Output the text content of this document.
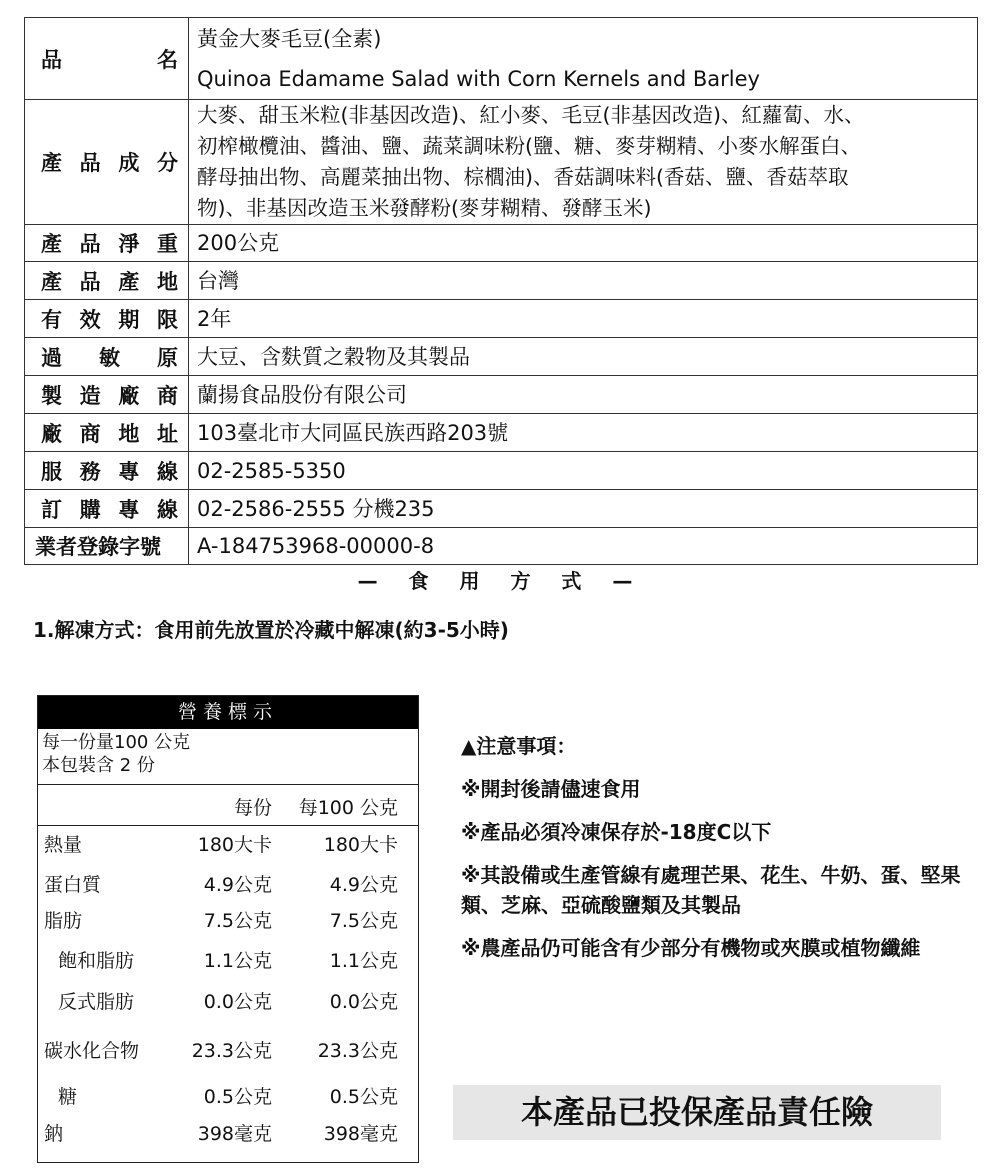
品 名	黃金大麥毛豆(全素)
Quinoa Edamame Salad with Corn Kernels and Barley

產 品 成 分	大麥、甜玉米粒(非基因改造)、紅小麥、毛豆(非基因改造)、紅蘿蔔、水、
初榨橄欖油、醬油、鹽、蔬菜調味粉(鹽、糖、麥芽糊精、小麥水解蛋白、
酵母抽出物、高麗菜抽出物、棕櫚油)、香菇調味料(香菇、鹽、香菇萃取
物)、非基因改造玉米發酵粉(麥芽糊精、發酵玉米)

產 品 淨 重	200公克

產 品 產 地	台灣

有 效 期 限	2年

過 敏 原	大豆、含麩質之穀物及其製品

製 造 廠 商	蘭揚食品股份有限公司

廠 商 地 址	103臺北市大同區民族西路203號

服 務 專 線	02-2585-5350

訂 購 專 線	02-2586-2555 分機235

業者登錄字號	A-184753968-00000-8
— 食 用 方 式 —
1.解凍方式：食用前先放置於冷藏中解凍(約3-5小時)
營養標示
每一份量100 公克
本包裝含 2 份
每份	每100 公克
熱量	180大卡	180大卡
蛋白質	4.9公克	4.9公克
脂肪	7.5公克	7.5公克
飽和脂肪	1.1公克	1.1公克
反式脂肪	0.0公克	0.0公克
碳水化合物	23.3公克	23.3公克
糖	0.5公克	0.5公克
鈉	398毫克	398毫克
▲注意事項：
※開封後請儘速食用
※產品必須冷凍保存於-18度C以下
※其設備或生產管線有處理芒果、花生、牛奶、蛋、堅果類、芝麻、亞硫酸鹽類及其製品
※農產品仍可能含有少部分有機物或夾膜或植物纖維
本產品已投保產品責任險
